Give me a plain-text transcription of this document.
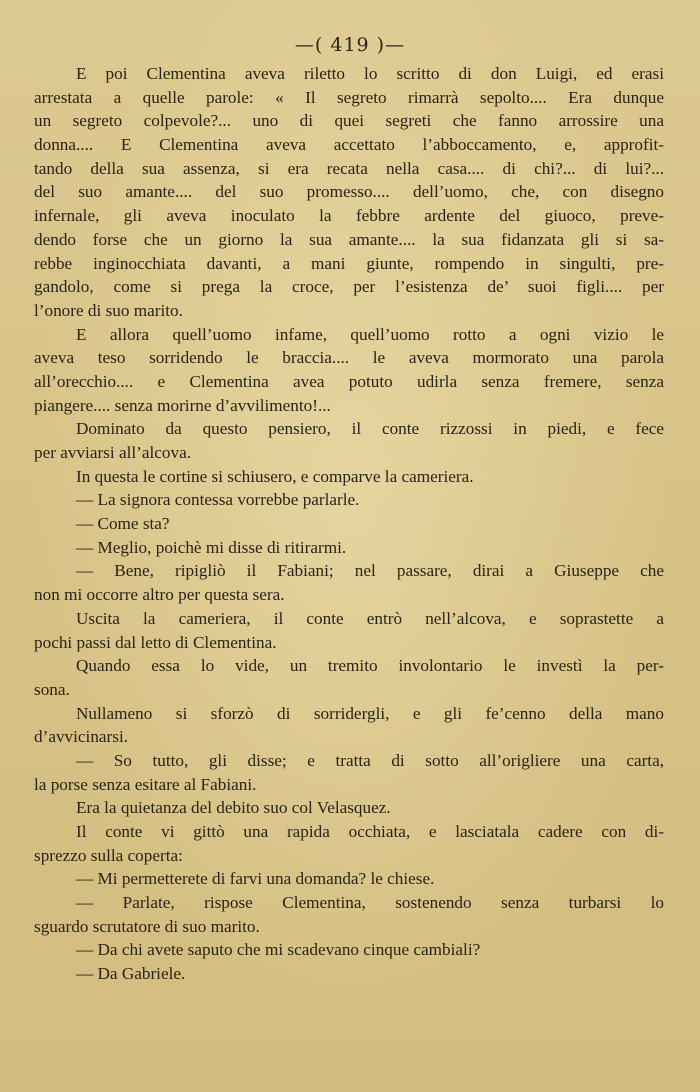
—( 419 )—
E poi Clementina aveva riletto lo scritto di don Luigi, ed erasi
arrestata a quelle parole: « Il segreto rimarrà sepolto.... Era dunque
un segreto colpevole?... uno di quei segreti che fanno arrossire una
donna.... E Clementina aveva accettato l’abboccamento, e, approfit-
tando della sua assenza, si era recata nella casa.... di chi?... di lui?...
del suo amante.... del suo promesso.... dell’uomo, che, con disegno
infernale, gli aveva inoculato la febbre ardente del giuoco, preve-
dendo forse che un giorno la sua amante.... la sua fidanzata gli si sa-
rebbe inginocchiata davanti, a mani giunte, rompendo in singulti, pre-
gandolo, come si prega la croce, per l’esistenza de’ suoi figli.... per
l’onore di suo marito.
E allora quell’uomo infame, quell’uomo rotto a ogni vizio le
aveva teso sorridendo le braccia.... le aveva mormorato una parola
all’orecchio.... e Clementina avea potuto udirla senza fremere, senza
piangere.... senza morirne d’avvilimento!...
Dominato da questo pensiero, il conte rizzossi in piedi, e fece
per avviarsi all’alcova.
In questa le cortine si schiusero, e comparve la cameriera.
— La signora contessa vorrebbe parlarle.
— Come sta?
— Meglio, poichè mi disse di ritirarmi.
— Bene, ripigliò il Fabiani; nel passare, dirai a Giuseppe che
non mi occorre altro per questa sera.
Uscita la cameriera, il conte entrò nell’alcova, e soprastette a
pochi passi dal letto di Clementina.
Quando essa lo vide, un tremito involontario le investì la per-
sona.
Nullameno si sforzò di sorridergli, e gli fe’cenno della mano
d’avvicinarsi.
— So tutto, gli disse; e tratta di sotto all’origliere una carta,
la porse senza esitare al Fabiani.
Era la quietanza del debito suo col Velasquez.
Il conte vi gittò una rapida occhiata, e lasciatala cadere con di-
sprezzo sulla coperta:
— Mi permetterete di farvi una domanda? le chiese.
— Parlate, rispose Clementina, sostenendo senza turbarsi lo
sguardo scrutatore di suo marito.
— Da chi avete saputo che mi scadevano cinque cambiali?
— Da Gabriele.
